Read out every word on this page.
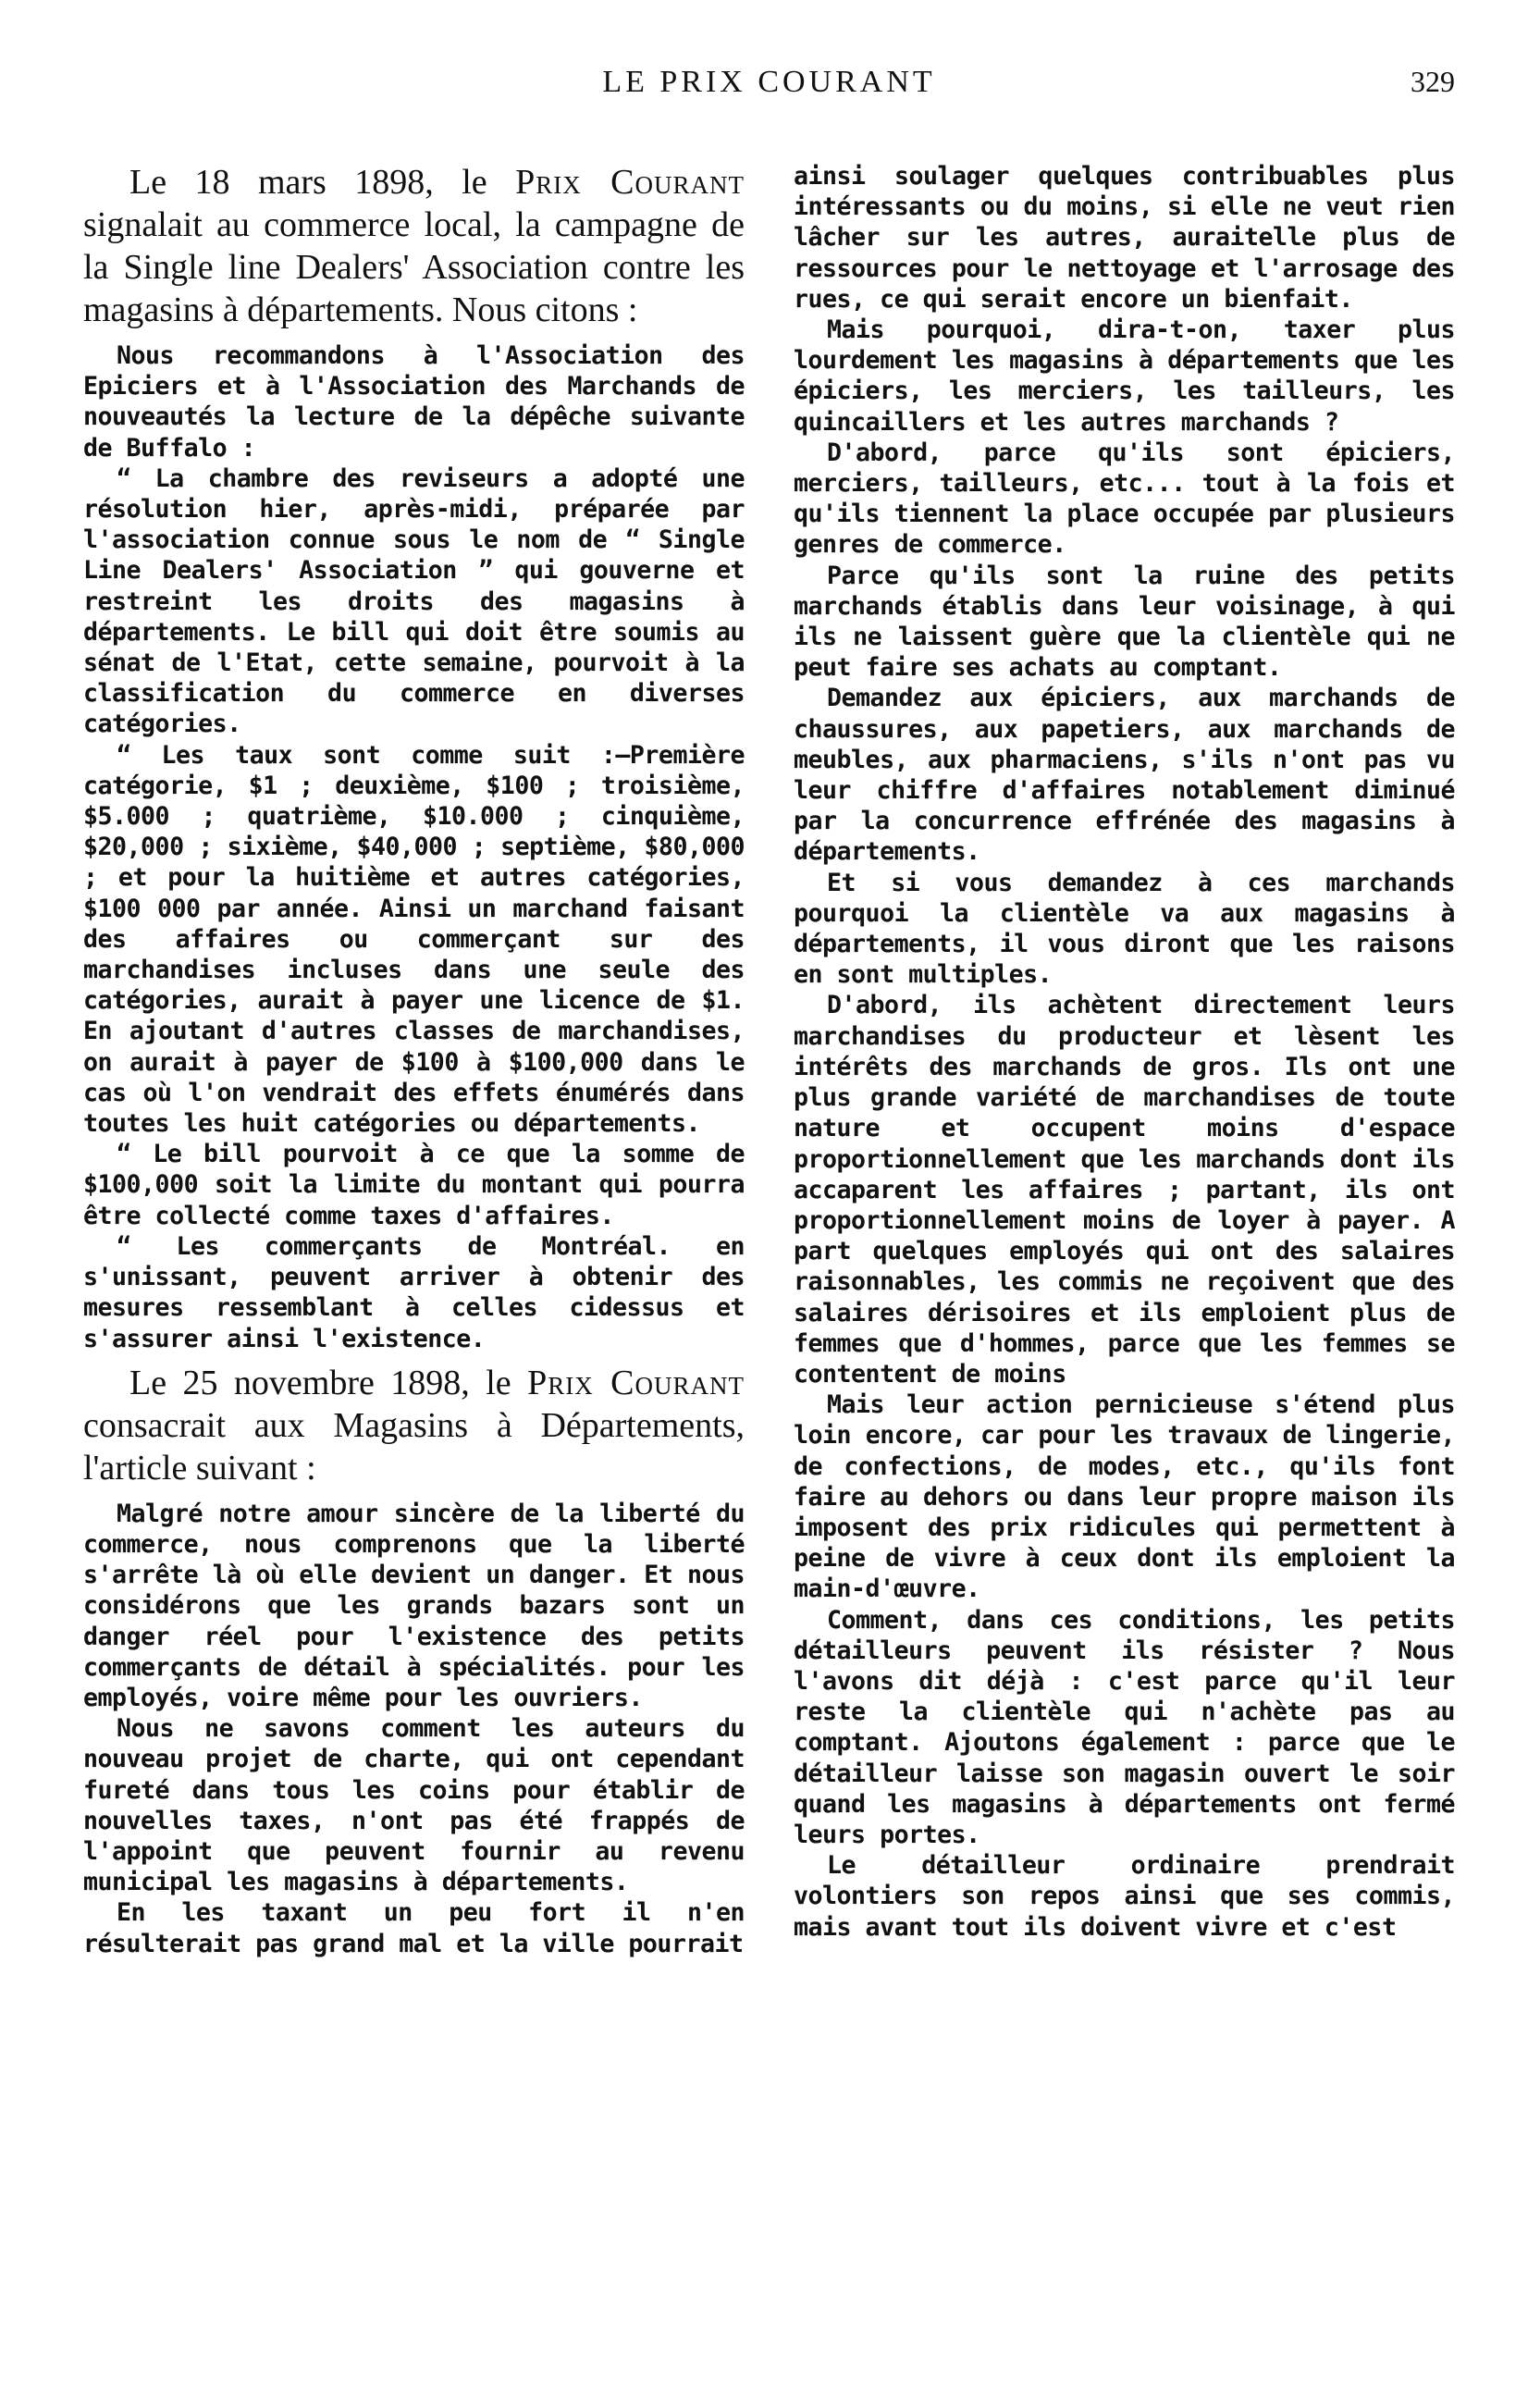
LE PRIX COURANT	329

Le 18 mars 1898, le Prix Courant signalait au commerce local, la campagne de la Single line Dealers' Association contre les magasins à départements. Nous citons :

Nous recommandons à l'Association des Epiciers et à l'Association des Marchands de nouveautés la lecture de la dépêche suivante de Buffalo :

“ La chambre des reviseurs a adopté une résolution hier, après-midi, préparée par l'association connue sous le nom de “ Single Line Dealers' Association ” qui gouverne et restreint les droits des magasins à départements. Le bill qui doit être soumis au sénat de l'Etat, cette semaine, pourvoit à la classification du commerce en diverses catégories.

“ Les taux sont comme suit :—Première catégorie, $1 ; deuxième, $100 ; troisième, $5.000 ; quatrième, $10.000 ; cinquième, $20,000 ; sixième, $40,000 ; septième, $80,000 ; et pour la huitième et autres catégories, $100 000 par année. Ainsi un marchand faisant des affaires ou commerçant sur des marchandises incluses dans une seule des catégories, aurait à payer une licence de $1. En ajoutant d'autres classes de marchandises, on aurait à payer de $100 à $100,000 dans le cas où l'on vendrait des effets énumérés dans toutes les huit catégories ou départements.

“ Le bill pourvoit à ce que la somme de $100,000 soit la limite du montant qui pourra être collecté comme taxes d'affaires.

“ Les commerçants de Montréal. en s'unissant, peuvent arriver à obtenir des mesures ressemblant à celles cidessus et s'assurer ainsi l'existence.

Le 25 novembre 1898, le Prix Courant consacrait aux Magasins à Départements, l'article suivant :

Malgré notre amour sincère de la liberté du commerce, nous comprenons que la liberté s'arrête là où elle devient un danger. Et nous considérons que les grands bazars sont un danger réel pour l'existence des petits commerçants de détail à spécialités. pour les employés, voire même pour les ouvriers.

Nous ne savons comment les auteurs du nouveau projet de charte, qui ont cependant fureté dans tous les coins pour établir de nouvelles taxes, n'ont pas été frappés de l'appoint que peuvent fournir au revenu municipal les magasins à départements.

En les taxant un peu fort il n'en résulterait pas grand mal et la ville pourrait

ainsi soulager quelques contribuables plus intéressants ou du moins, si elle ne veut rien lâcher sur les autres, auraitelle plus de ressources pour le nettoyage et l'arrosage des rues, ce qui serait encore un bienfait.

Mais pourquoi, dira-t-on, taxer plus lourdement les magasins à départements que les épiciers, les merciers, les tailleurs, les quincaillers et les autres marchands ?

D'abord, parce qu'ils sont épiciers, merciers, tailleurs, etc... tout à la fois et qu'ils tiennent la place occupée par plusieurs genres de commerce.

Parce qu'ils sont la ruine des petits marchands établis dans leur voisinage, à qui ils ne laissent guère que la clientèle qui ne peut faire ses achats au comptant.

Demandez aux épiciers, aux marchands de chaussures, aux papetiers, aux marchands de meubles, aux pharmaciens, s'ils n'ont pas vu leur chiffre d'affaires notablement diminué par la concurrence effrénée des magasins à départements.

Et si vous demandez à ces marchands pourquoi la clientèle va aux magasins à départements, il vous diront que les raisons en sont multiples.

D'abord, ils achètent directement leurs marchandises du producteur et lèsent les intérêts des marchands de gros. Ils ont une plus grande variété de marchandises de toute nature et occupent moins d'espace proportionnellement que les marchands dont ils accaparent les affaires ; partant, ils ont proportionnellement moins de loyer à payer. A part quelques employés qui ont des salaires raisonnables, les commis ne reçoivent que des salaires dérisoires et ils emploient plus de femmes que d'hommes, parce que les femmes se contentent de moins

Mais leur action pernicieuse s'étend plus loin encore, car pour les travaux de lingerie, de confections, de modes, etc., qu'ils font faire au dehors ou dans leur propre maison ils imposent des prix ridicules qui permettent à peine de vivre à ceux dont ils emploient la main-d'œuvre.

Comment, dans ces conditions, les petits détailleurs peuvent ils résister ? Nous l'avons dit déjà : c'est parce qu'il leur reste la clientèle qui n'achète pas au comptant. Ajoutons également : parce que le détailleur laisse son magasin ouvert le soir quand les magasins à départements ont fermé leurs portes.

Le détailleur ordinaire prendrait volontiers son repos ainsi que ses commis, mais avant tout ils doivent vivre et c'est
